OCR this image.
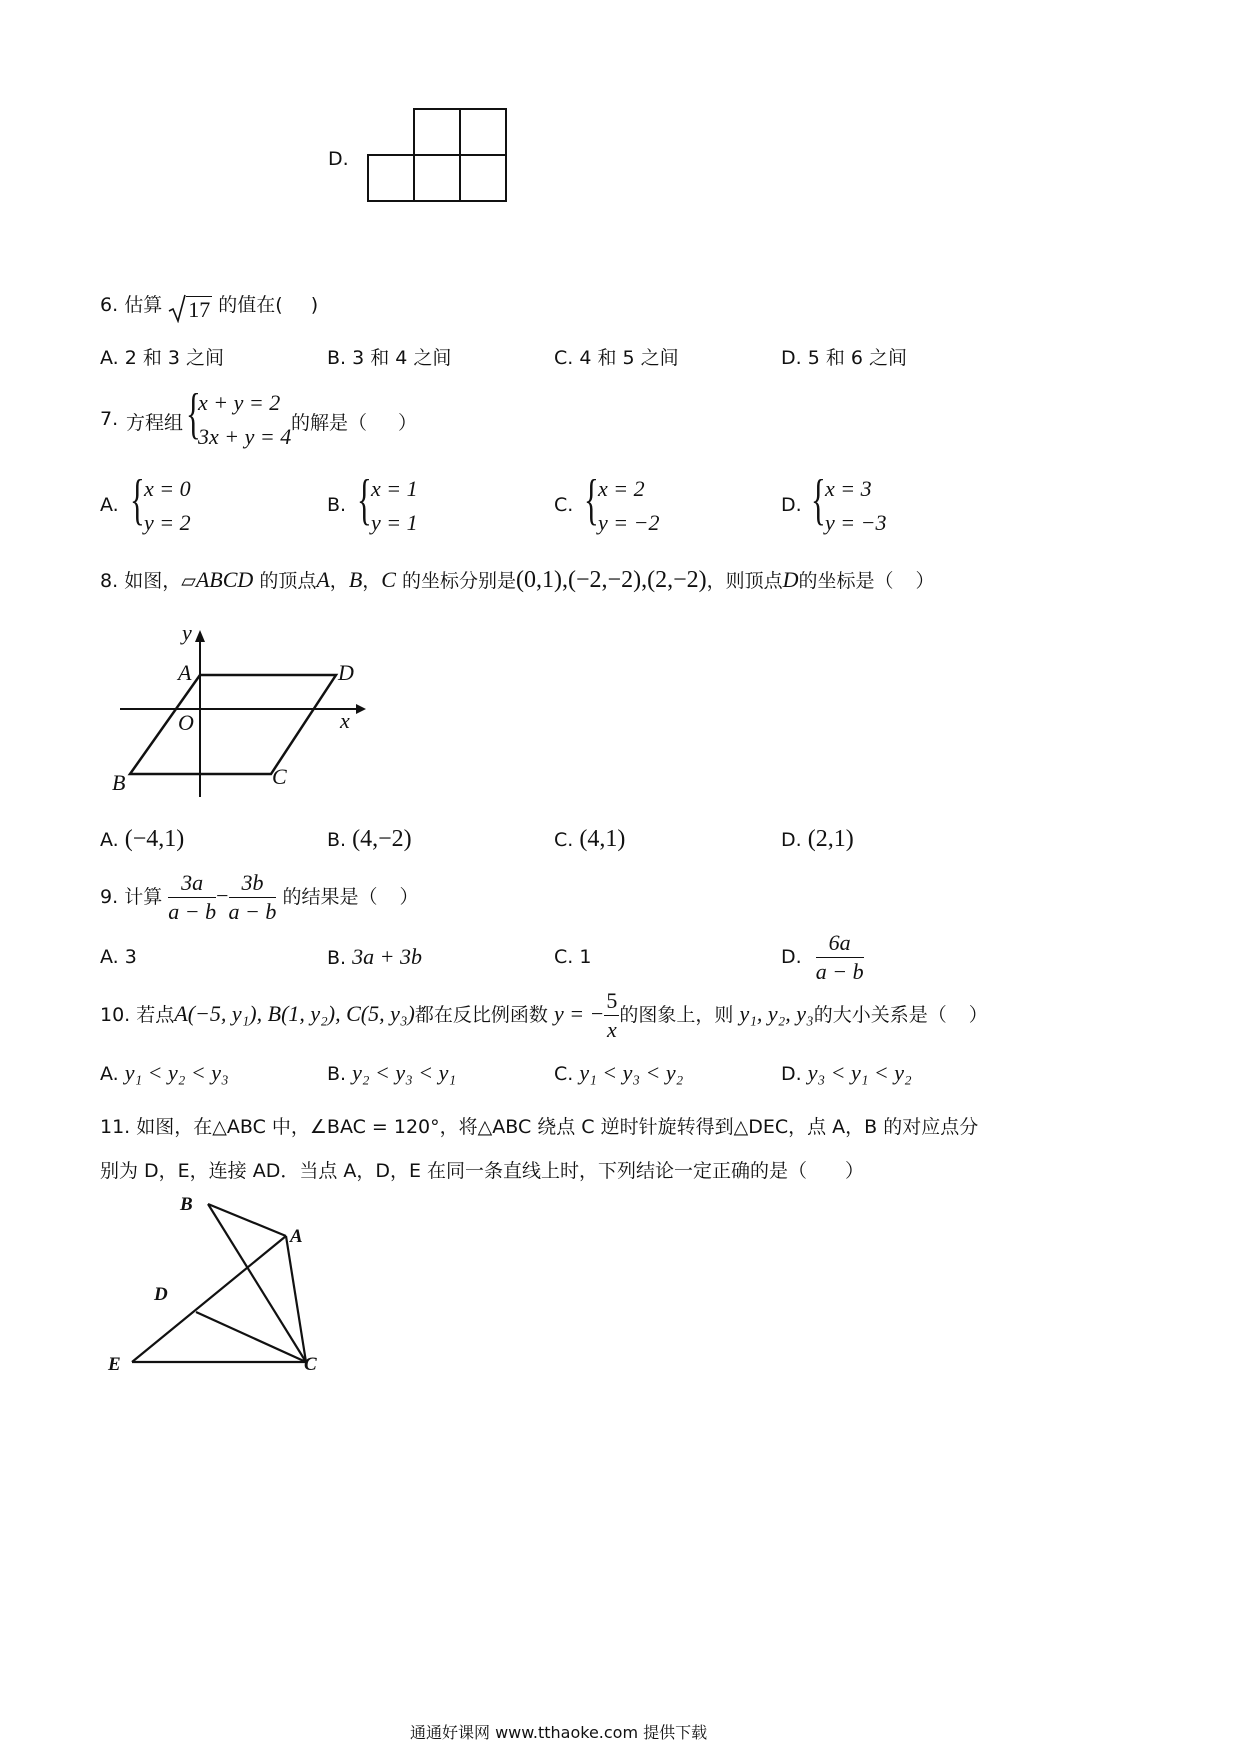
D.
6. 估算 17 的值在( )
A. 2 和 3 之间	B. 3 和 4 之间	C. 4 和 5 之间	D. 5 和 6 之间
7. 方程组 {
x + y = 2
3x + y = 4
的解是（ ）
A. { x = 0
y = 2
B. { x = 1
y = 1
C. { x = 2
y = −2
D. { x = 3
y = −3
8. 如图，▱ABCD 的顶点A，B，C 的坐标分别是(0,1),(−2,−2),(2,−2)，则顶点D的坐标是（ ）
y
A	D
O	x
B	C
A. (−4,1)	B. (4,−2)	C. (4,1)	D. (2,1)
9. 计算 $\frac{3a}{a - b} - \frac{3b}{a - b}$ 的结果是（ ）
A. 3	B. 3a + 3b	C. 1	D. $\frac{6a}{a - b}$
10. 若点A(−5, y₁), B(1, y₂), C(5, y₃)都在反比例函数 y = − $\frac{5}{x}$ 的图象上，则 y₁, y₂, y₃的大小关系是（ ）
A. y₁ < y₂ < y₃	B. y₂ < y₃ < y₁	C. y₁ < y₃ < y₂	D. y₃ < y₁ < y₂
11. 如图，在△ABC 中，∠BAC = 120°，将△ABC 绕点 C 逆时针旋转得到△DEC，点 A，B 的对应点分
别为 D，E，连接 AD．当点 A，D，E 在同一条直线上时，下列结论一定正确的是（　　）
B
A
D
E	C
通通好课网 www.tthaoke.com 提供下载
